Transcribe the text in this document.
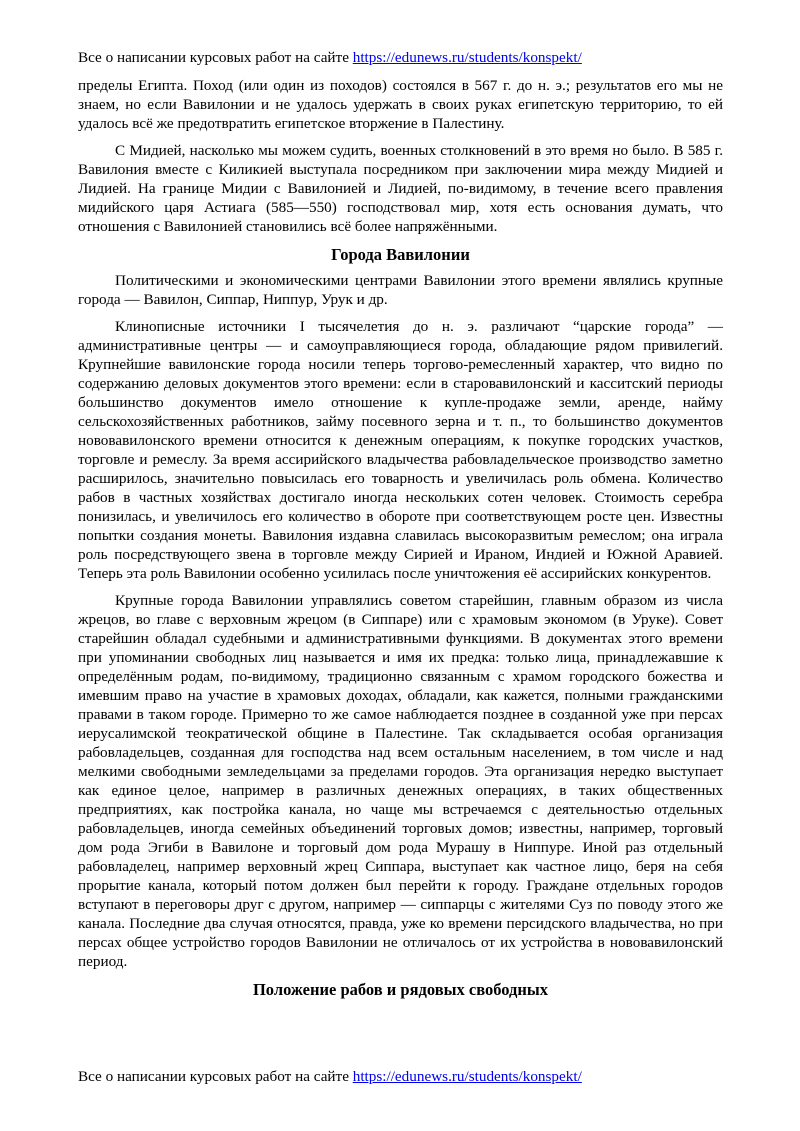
Все о написании курсовых работ на сайте https://edunews.ru/students/konspekt/

пределы Египта. Поход (или один из походов) состоялся в 567 г. до н. э.; результатов его мы не знаем, но если Вавилонии и не удалось удержать в своих руках египетскую территорию, то ей удалось всё же предотвратить египетское вторжение в Палестину.

С Мидией, насколько мы можем судить, военных столкновений в это время но было. В 585 г. Вавилония вместе с Киликией выступала посредником при заключении мира между Мидией и Лидией. На границе Мидии с Вавилонией и Лидией, по-видимому, в течение всего правления мидийского царя Астиага (585—550) господствовал мир, хотя есть основания думать, что отношения с Вавилонией становились всё более напряжёнными.

Города Вавилонии

Политическими и экономическими центрами Вавилонии этого времени являлись крупные города — Вавилон, Сиппар, Ниппур, Урук и др.

Клинописные источники I тысячелетия до н. э. различают “царские города” — административные центры — и самоуправляющиеся города, обладающие рядом привилегий. Крупнейшие вавилонские города носили теперь торгово-ремесленный характер, что видно по содержанию деловых документов этого времени: если в старовавилонский и касситский периоды большинство документов имело отношение к купле-продаже земли, аренде, найму сельскохозяйственных работников, займу посевного зерна и т. п., то большинство документов нововавилонского времени относится к денежным операциям, к покупке городских участков, торговле и ремеслу. За время ассирийского владычества рабовладельческое производство заметно расширилось, значительно повысилась его товарность и увеличилась роль обмена. Количество рабов в частных хозяйствах достигало иногда нескольких сотен человек. Стоимость серебра понизилась, и увеличилось его количество в обороте при соответствующем росте цен. Известны попытки создания монеты. Вавилония издавна славилась высокоразвитым ремеслом; она играла роль посредствующего звена в торговле между Сирией и Ираном, Индией и Южной Аравией. Теперь эта роль Вавилонии особенно усилилась после уничтожения её ассирийских конкурентов.

Крупные города Вавилонии управлялись советом старейшин, главным образом из числа жрецов, во главе с верховным жрецом (в Сиппаре) или с храмовым экономом (в Уруке). Совет старейшин обладал судебными и административными функциями. В документах этого времени при упоминании свободных лиц называется и имя их предка: только лица, принадлежавшие к определённым родам, по-видимому, традиционно связанным с храмом городского божества и имевшим право на участие в храмовых доходах, обладали, как кажется, полными гражданскими правами в таком городе. Примерно то же самое наблюдается позднее в созданной уже при персах иерусалимской теократической общине в Палестине. Так складывается особая организация рабовладельцев, созданная для господства над всем остальным населением, в том числе и над мелкими свободными земледельцами за пределами городов. Эта организация нередко выступает как единое целое, например в различных денежных операциях, в таких общественных предприятиях, как постройка канала, но чаще мы встречаемся с деятельностью отдельных рабовладельцев, иногда семейных объединений торговых домов; известны, например, торговый дом рода Эгиби в Вавилоне и торговый дом рода Мурашу в Ниппуре. Иной раз отдельный рабовладелец, например верховный жрец Сиппара, выступает как частное лицо, беря на себя прорытие канала, который потом должен был перейти к городу. Граждане отдельных городов вступают в переговоры друг с другом, например — сиппарцы с жителями Суз по поводу этого же канала. Последние два случая относятся, правда, уже ко времени персидского владычества, но при персах общее устройство городов Вавилонии не отличалось от их устройства в нововавилонский период.

Положение рабов и рядовых свободных
Все о написании курсовых работ на сайте https://edunews.ru/students/konspekt/
